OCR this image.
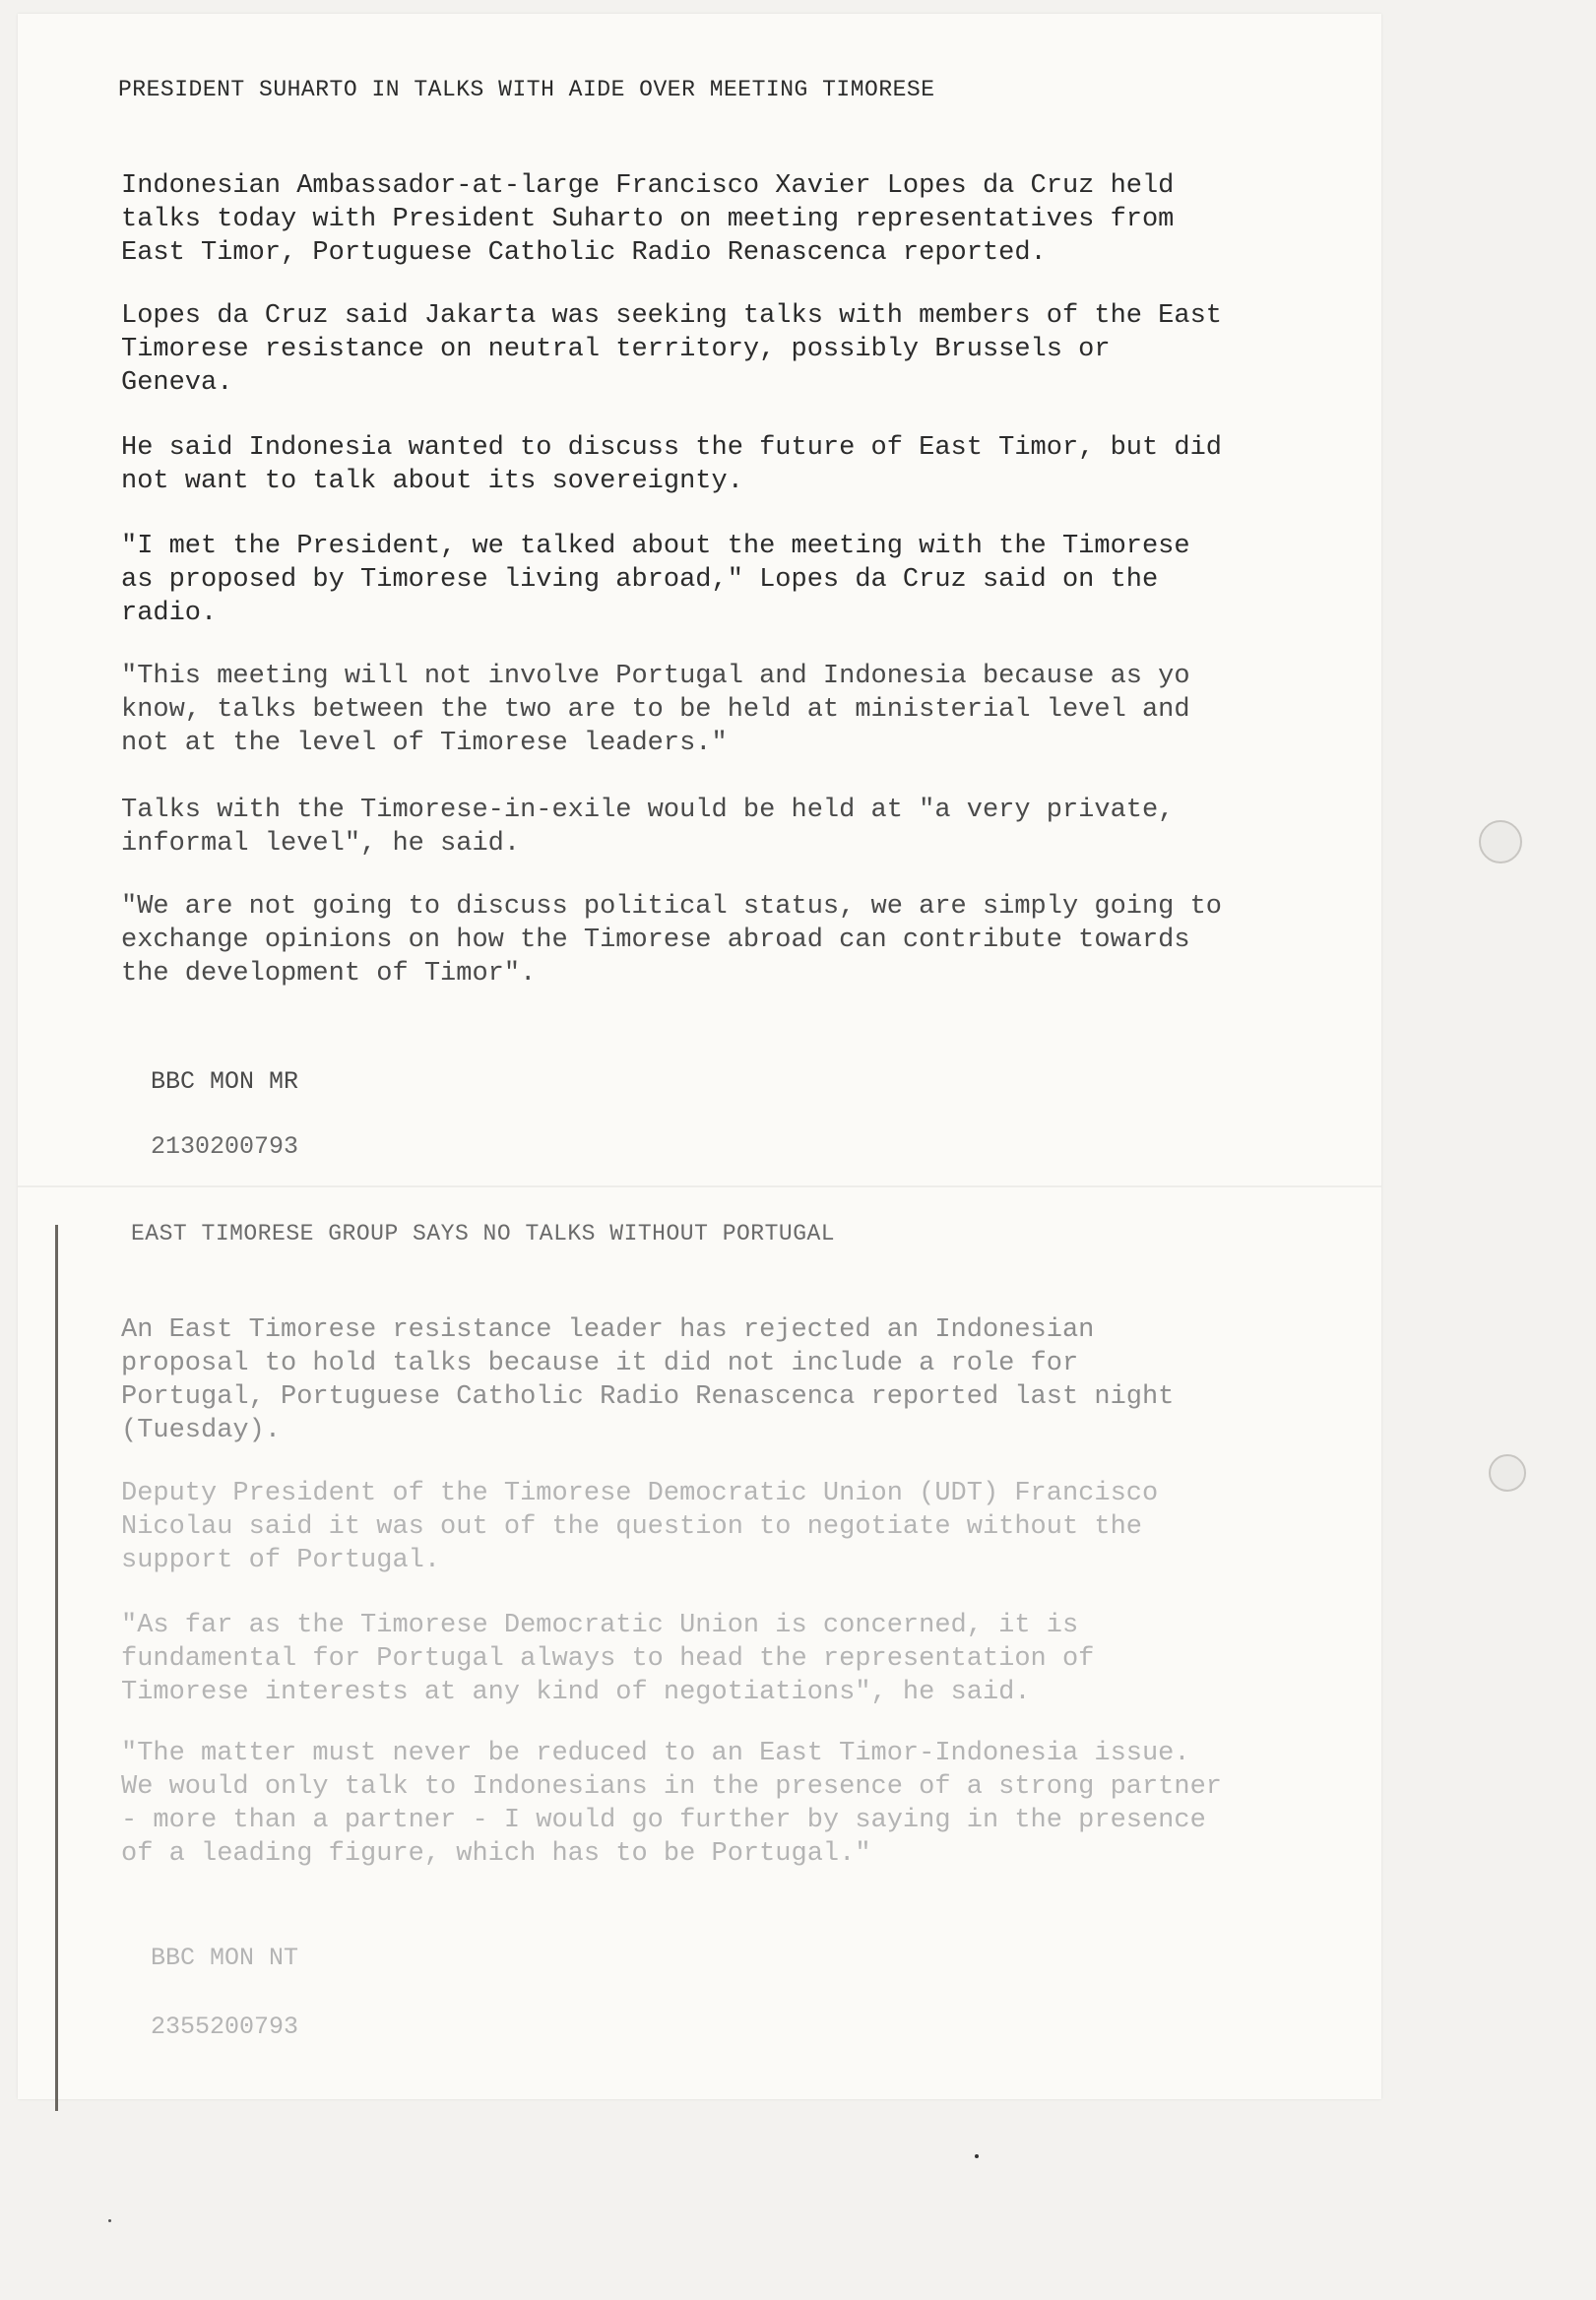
PRESIDENT SUHARTO IN TALKS WITH AIDE OVER MEETING TIMORESE

Indonesian Ambassador-at-large Francisco Xavier Lopes da Cruz held
talks today with President Suharto on meeting representatives from
East Timor, Portuguese Catholic Radio Renascenca reported.

Lopes da Cruz said Jakarta was seeking talks with members of the East
Timorese resistance on neutral territory, possibly Brussels or
Geneva.

He said Indonesia wanted to discuss the future of East Timor, but did
not want to talk about its sovereignty.

"I met the President, we talked about the meeting with the Timorese
as proposed by Timorese living abroad," Lopes da Cruz said on the
radio.

"This meeting will not involve Portugal and Indonesia because as yo
know, talks between the two are to be held at ministerial level and
not at the level of Timorese leaders."

Talks with the Timorese-in-exile would be held at "a very private,
informal level", he said.

"We are not going to discuss political status, we are simply going to
exchange opinions on how the Timorese abroad can contribute towards
the development of Timor".

BBC MON MR

2130200793

EAST TIMORESE GROUP SAYS NO TALKS WITHOUT PORTUGAL

An East Timorese resistance leader has rejected an Indonesian
proposal to hold talks because it did not include a role for
Portugal, Portuguese Catholic Radio Renascenca reported last night
(Tuesday).

Deputy President of the Timorese Democratic Union (UDT) Francisco
Nicolau said it was out of the question to negotiate without the
support of Portugal.

"As far as the Timorese Democratic Union is concerned, it is
fundamental for Portugal always to head the representation of
Timorese interests at any kind of negotiations", he said.

"The matter must never be reduced to an East Timor-Indonesia issue.
We would only talk to Indonesians in the presence of a strong partner
- more than a partner - I would go further by saying in the presence
of a leading figure, which has to be Portugal."

BBC MON NT

2355200793
